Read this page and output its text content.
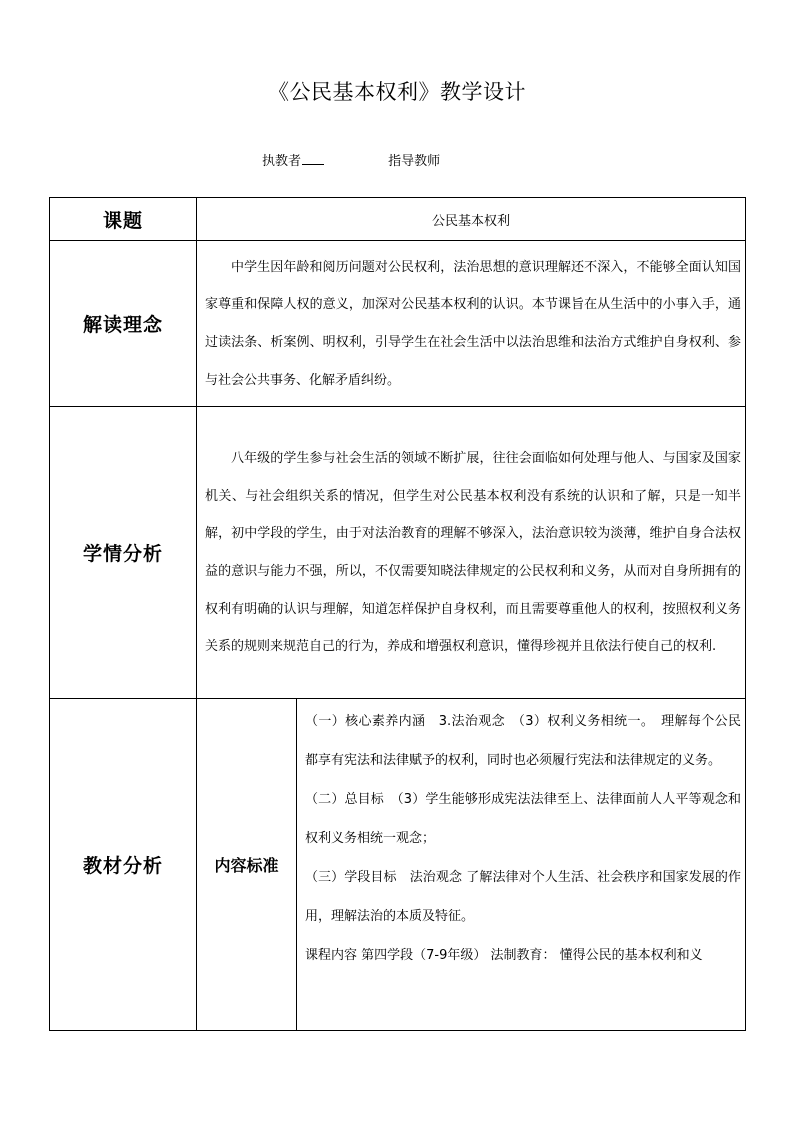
《公民基本权利》教学设计
执教者	指导教师
课题	公民基本权利	
解读理念	中学生因年龄和阅历问题对公民权利，法治思想的意识理解还不深入，不能够全面认知国家尊重和保障人权的意义，加深对公民基本权利的认识。本节课旨在从生活中的小事入手，通过读法条、析案例、明权利，引导学生在社会生活中以法治思维和法治方式维护自身权利、参与社会公共事务、化解矛盾纠纷。	

学情分析	八年级的学生参与社会生活的领域不断扩展，往往会面临如何处理与他人、与国家及国家机关、与社会组织关系的情况，但学生对公民基本权利没有系统的认识和了解，只是一知半解，初中学段的学生，由于对法治教育的理解不够深入，法治意识较为淡薄，维护自身合法权益的意识与能力不强，所以，不仅需要知晓法律规定的公民权利和义务，从而对自身所拥有的权利有明确的认识与理解，知道怎样保护自身权利，而且需要尊重他人的权利，按照权利义务关系的规则来规范自己的行为，养成和增强权利意识，懂得珍视并且依法行使自己的权利.	

教材分析	内容标准	（一）核心素养内涵　3.法治观念　（3）权利义务相统一。　理解每个公民都享有宪法和法律赋予的权利，同时也必须履行宪法和法律规定的义务。

（二）总目标　（3）学生能够形成宪法法律至上、法律面前人人平等观念和权利义务相统一观念；

（三）学段目标　法治观念 了解法律对个人生活、社会秩序和国家发展的作用，理解法治的本质及特征。

课程内容 第四学段（7-9年级） 法制教育： 懂得公民的基本权利和义
